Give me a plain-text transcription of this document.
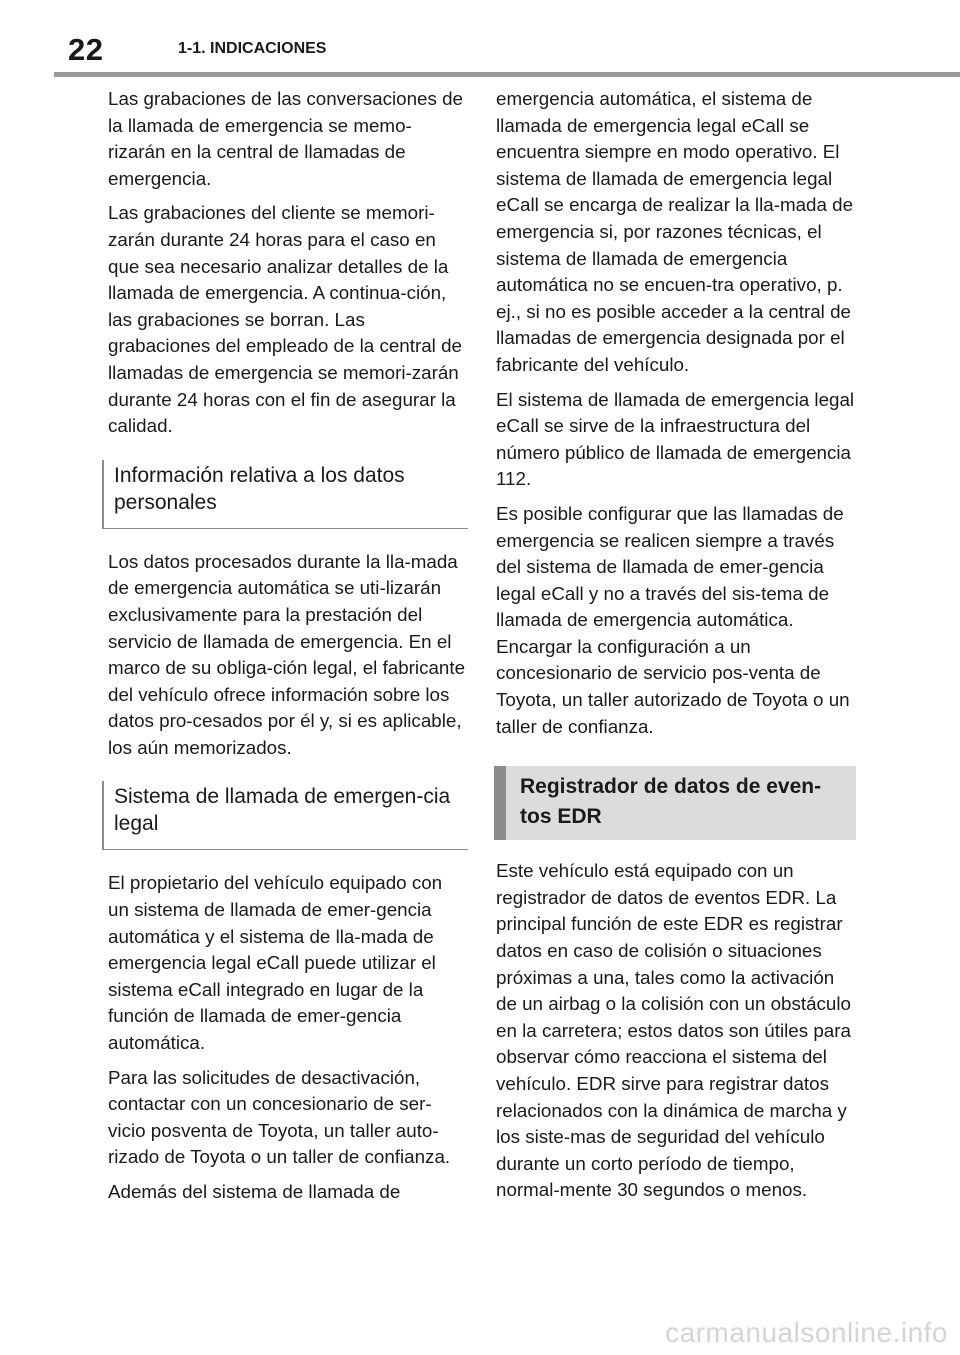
22	1-1. INDICACIONES

Las grabaciones de las conversaciones de la llamada de emergencia se memo-rizarán en la central de llamadas de emergencia.

Las grabaciones del cliente se memori-zarán durante 24 horas para el caso en que sea necesario analizar detalles de la llamada de emergencia. A continua-ción, las grabaciones se borran. Las grabaciones del empleado de la central de llamadas de emergencia se memori-zarán durante 24 horas con el fin de asegurar la calidad.

Información relativa a los datos personales

Los datos procesados durante la lla-mada de emergencia automática se uti-lizarán exclusivamente para la prestación del servicio de llamada de emergencia. En el marco de su obliga-ción legal, el fabricante del vehículo ofrece información sobre los datos pro-cesados por él y, si es aplicable, los aún memorizados.

Sistema de llamada de emergen-cia legal

El propietario del vehículo equipado con un sistema de llamada de emer-gencia automática y el sistema de lla-mada de emergencia legal eCall puede utilizar el sistema eCall integrado en lugar de la función de llamada de emer-gencia automática.

Para las solicitudes de desactivación, contactar con un concesionario de ser-vicio posventa de Toyota, un taller auto-rizado de Toyota o un taller de confianza.

Además del sistema de llamada de

emergencia automática, el sistema de llamada de emergencia legal eCall se encuentra siempre en modo operativo. El sistema de llamada de emergencia legal eCall se encarga de realizar la lla-mada de emergencia si, por razones técnicas, el sistema de llamada de emergencia automática no se encuen-tra operativo, p. ej., si no es posible acceder a la central de llamadas de emergencia designada por el fabricante del vehículo.

El sistema de llamada de emergencia legal eCall se sirve de la infraestructura del número público de llamada de emergencia 112.

Es posible configurar que las llamadas de emergencia se realicen siempre a través del sistema de llamada de emer-gencia legal eCall y no a través del sis-tema de llamada de emergencia automática. Encargar la configuración a un concesionario de servicio pos-venta de Toyota, un taller autorizado de Toyota o un taller de confianza.

Registrador de datos de even-tos EDR

Este vehículo está equipado con un registrador de datos de eventos EDR. La principal función de este EDR es registrar datos en caso de colisión o situaciones próximas a una, tales como la activación de un airbag o la colisión con un obstáculo en la carretera; estos datos son útiles para observar cómo reacciona el sistema del vehículo. EDR sirve para registrar datos relacionados con la dinámica de marcha y los siste-mas de seguridad del vehículo durante un corto período de tiempo, normal-mente 30 segundos o menos.

carmanualsonline.info
